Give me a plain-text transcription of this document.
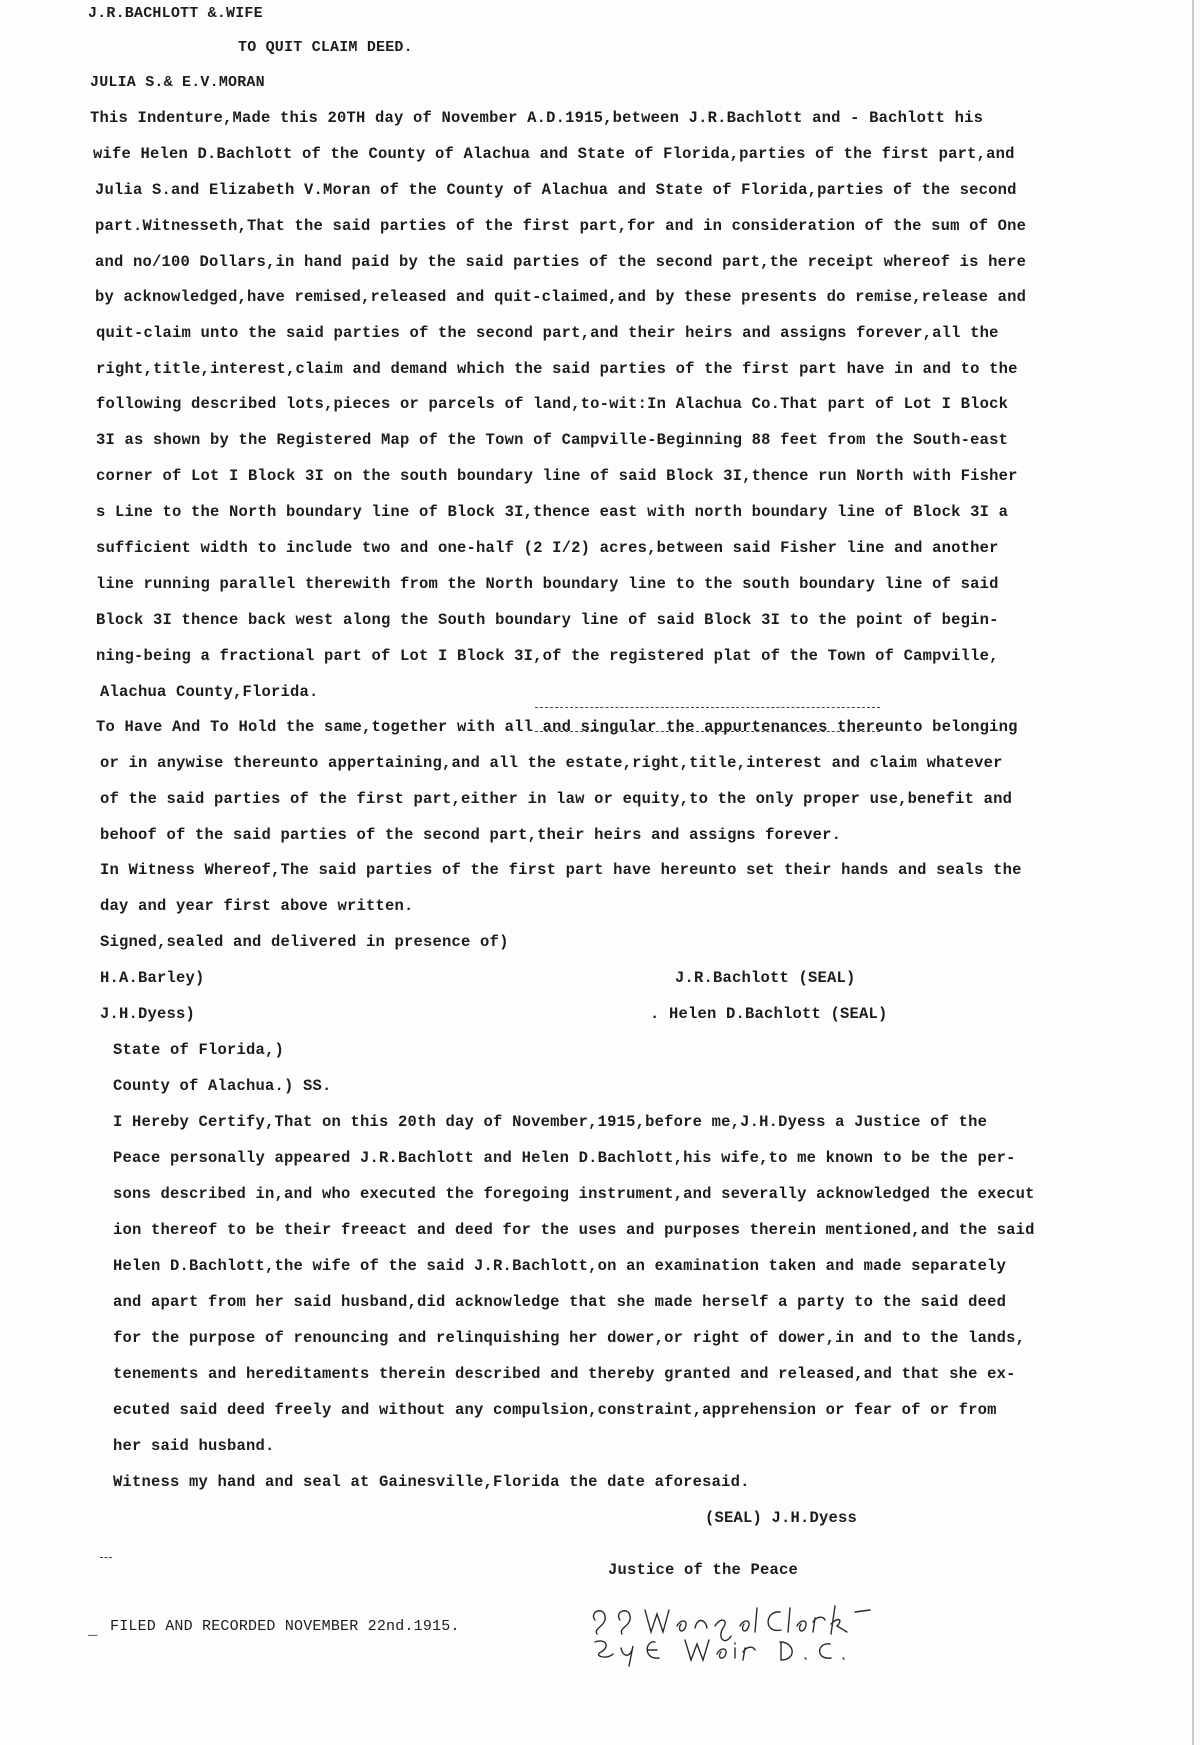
J.R.BACHLOTT &.WIFE
TO QUIT CLAIM DEED.
JULIA S.& E.V.MORAN
This Indenture,Made this 20TH day of November A.D.1915,between J.R.Bachlott and - Bachlott his
wife Helen D.Bachlott of the County of Alachua and State of Florida,parties of the first part,and
Julia S.and Elizabeth V.Moran of the County of Alachua and State of Florida,parties of the second
part.Witnesseth,That the said parties of the first part,for and in consideration of the sum of One
and no/100 Dollars,in hand paid by the said parties of the second part,the receipt whereof is here
by acknowledged,have remised,released and quit-claimed,and by these presents do remise,release and
quit-claim unto the said parties of the second part,and their heirs and assigns forever,all the
right,title,interest,claim and demand which the said parties of the first part have in and to the
following described lots,pieces or parcels of land,to-wit:In Alachua Co.That part of Lot I Block
3I as shown by the Registered Map of the Town of Campville-Beginning 88 feet from the South-east
corner of Lot I Block 3I on the south boundary line of said Block 3I,thence run North with Fisher
s Line to the North boundary line of Block 3I,thence east with north boundary line of Block 3I a
sufficient width to include two and one-half (2 I/2) acres,between said Fisher line and another
line running parallel therewith from the North boundary line to the south boundary line of said
Block 3I thence back west along the South boundary line of said Block 3I to the point of begin-
ning-being a fractional part of Lot I Block 3I,of the registered plat of the Town of Campville,
Alachua County,Florida.
To Have And To Hold the same,together with all and singular the appurtenances thereunto belonging
or in anywise thereunto appertaining,and all the estate,right,title,interest and claim whatever
of the said parties of the first part,either in law or equity,to the only proper use,benefit and
behoof of the said parties of the second part,their heirs and assigns forever.
In Witness Whereof,The said parties of the first part have hereunto set their hands and seals the
day and year first above written.
Signed,sealed and delivered in presence of)
H.A.Barley)	J.R.Bachlott (SEAL)
J.H.Dyess)	. Helen D.Bachlott (SEAL)
State of Florida,)
County of Alachua.) SS.
I Hereby Certify,That on this 20th day of November,1915,before me,J.H.Dyess a Justice of the
Peace personally appeared J.R.Bachlott and Helen D.Bachlott,his wife,to me known to be the per-
sons described in,and who executed the foregoing instrument,and severally acknowledged the execut
ion thereof to be their freeact and deed for the uses and purposes therein mentioned,and the said
Helen D.Bachlott,the wife of the said J.R.Bachlott,on an examination taken and made separately
and apart from her said husband,did acknowledge that she made herself a party to the said deed
for the purpose of renouncing and relinquishing her dower,or right of dower,in and to the lands,
tenements and hereditaments therein described and thereby granted and released,and that she ex-
ecuted said deed freely and without any compulsion,constraint,apprehension or fear of or from
her said husband.
Witness my hand and seal at Gainesville,Florida the date aforesaid.
(SEAL) J.H.Dyess
Justice of the Peace
FILED AND RECORDED NOVEMBER 22nd.1915.
_
